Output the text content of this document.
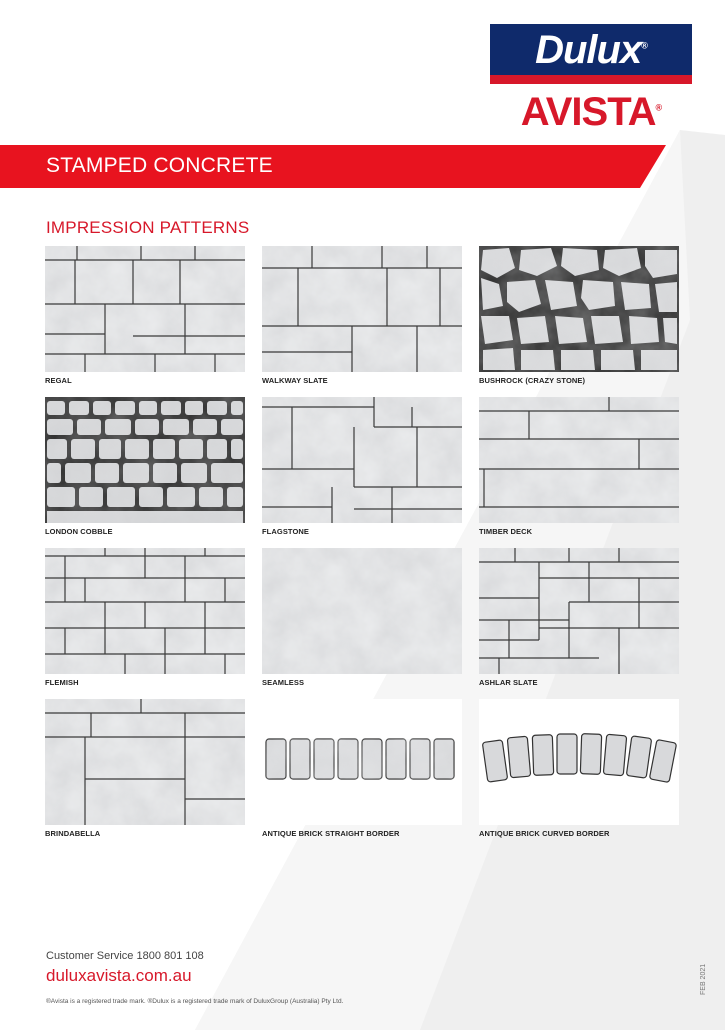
Dulux®
AVISTA®
STAMPED CONCRETE
IMPRESSION PATTERNS
REGAL	WALKWAY SLATE	BUSHROCK (CRAZY STONE)
LONDON COBBLE	FLAGSTONE	TIMBER DECK
FLEMISH	SEAMLESS	ASHLAR SLATE
BRINDABELLA	ANTIQUE BRICK STRAIGHT BORDER	ANTIQUE BRICK CURVED BORDER
Customer Service 1800 801 108
duluxavista.com.au
®Avista is a registered trade mark. ®Dulux is a registered trade mark of DuluxGroup (Australia) Pty Ltd.
FEB 2021
